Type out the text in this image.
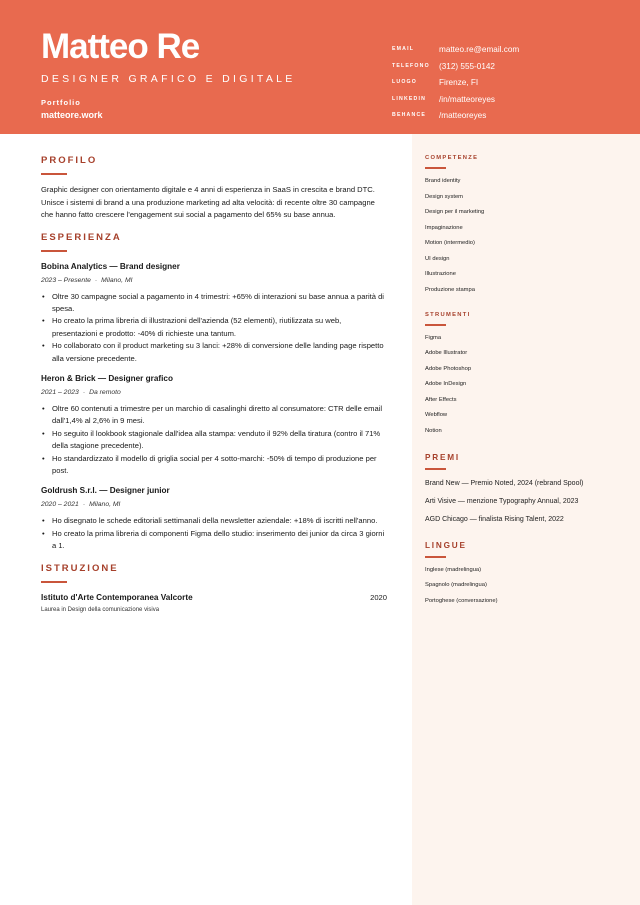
Matteo Re
DESIGNER GRAFICO E DIGITALE
Portfolio
matteore.work
EMAIL	matteo.re@email.com
TELEFONO (312) 555-0142
LUOGO	Firenze, FI
LINKEDIN /in/matteoreyes
BEHANCE /matteoreyes
PROFILO
Graphic designer con orientamento digitale e 4 anni di esperienza in SaaS in crescita e brand DTC. Unisce i sistemi di brand a una produzione marketing ad alta velocità: di recente oltre 30 campagne che hanno fatto crescere l'engagement sui social a pagamento del 65% su base annua.
ESPERIENZA
Bobina Analytics — Brand designer
2023 – Presente · Milano, MI
• Oltre 30 campagne social a pagamento in 4 trimestri: +65% di interazioni su base annua a parità di spesa.
• Ho creato la prima libreria di illustrazioni dell'azienda (52 elementi), riutilizzata su web, presentazioni e prodotto: -40% di richieste una tantum.
• Ho collaborato con il product marketing su 3 lanci: +28% di conversione delle landing page rispetto alla versione precedente.
Heron & Brick — Designer grafico
2021 – 2023 · Da remoto
• Oltre 60 contenuti a trimestre per un marchio di casalinghi diretto al consumatore: CTR delle email dall'1,4% al 2,6% in 9 mesi.
• Ho seguito il lookbook stagionale dall'idea alla stampa: venduto il 92% della tiratura (contro il 71% della stagione precedente).
• Ho standardizzato il modello di griglia social per 4 sotto-marchi: -50% di tempo di produzione per post.
Goldrush S.r.l. — Designer junior
2020 – 2021 · Milano, MI
• Ho disegnato le schede editoriali settimanali della newsletter aziendale: +18% di iscritti nell'anno.
• Ho creato la prima libreria di componenti Figma dello studio: inserimento dei junior da circa 3 giorni a 1.
ISTRUZIONE
Istituto d'Arte Contemporanea Valcorte	2020
Laurea in Design della comunicazione visiva
COMPETENZE
Brand identity
Design system
Design per il marketing
Impaginazione
Motion (intermedio)
UI design
Illustrazione
Produzione stampa
STRUMENTI
Figma
Adobe Illustrator
Adobe Photoshop
Adobe InDesign
After Effects
Webflow
Notion
PREMI
Brand New — Premio Noted, 2024 (rebrand Spool)
Arti Visive — menzione Typography Annual, 2023
AGD Chicago — finalista Rising Talent, 2022
LINGUE
Inglese (madrelingua)
Spagnolo (madrelingua)
Portoghese (conversazione)
